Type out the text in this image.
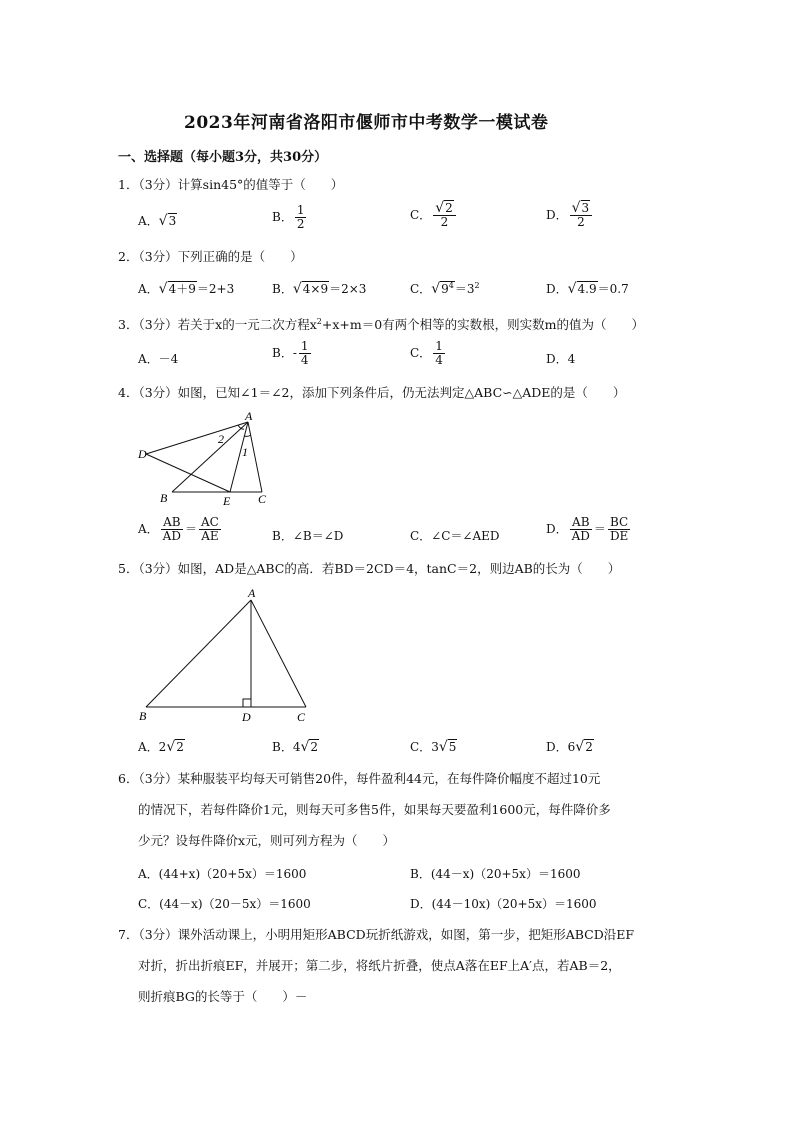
2023年河南省洛阳市偃师市中考数学一模试卷
一、选择题（每小题3分，共30分）
1．（3分）计算sin45°的值等于（　　）
A．√3	B． $\frac{1}{2}$	C． $\frac{√2}{2}$	D． $\frac{√3}{2}$
2．（3分）下列正确的是（　　）
A．√4＋9＝2+3	B．√4×9＝2×3	C．$√9^4=3^2$	D．√4.9＝0.7
3．（3分）若关于x的一元二次方程$x^2+x+m=0$有两个相等的实数根，则实数m的值为（　　）
A．－4	B．- $\frac{1}{4}$	C． $\frac{1}{4}$	D．4
4．（3分）如图，已知∠1＝∠2，添加下列条件后，仍无法判定△ABC∽△ADE的是（　　）
A
D
B	E C
1
2
A． $\frac{AB}{AD} = \frac{AC}{AE}$	B．∠B＝∠D	C．∠C＝∠AED	D． $\frac{AB}{AD} = \frac{BC}{DE}$
5．（3分）如图，AD是△ABC的高．若BD＝2CD＝4，tanC＝2，则边AB的长为（　　）
A
B	D	C
A．2√2	B．4√2	C．3√5	D．6√2
6．（3分）某种服装平均每天可销售20件，每件盈利44元，在每件降价幅度不超过10元
的情况下，若每件降价1元，则每天可多售5件，如果每天要盈利1600元，每件降价多
少元？设每件降价x元，则可列方程为（　　）
A．(44+x)（20+5x）＝1600	B．(44－x)（20+5x）＝1600
C．(44－x)（20－5x）＝1600	D．(44－10x)（20+5x）＝1600
7．（3分）课外活动课上，小明用矩形ABCD玩折纸游戏，如图，第一步，把矩形ABCD沿EF
对折，折出折痕EF，并展开；第二步，将纸片折叠，使点A落在EF上A′点，若AB＝2，
则折痕BG的长等于（　　）－
